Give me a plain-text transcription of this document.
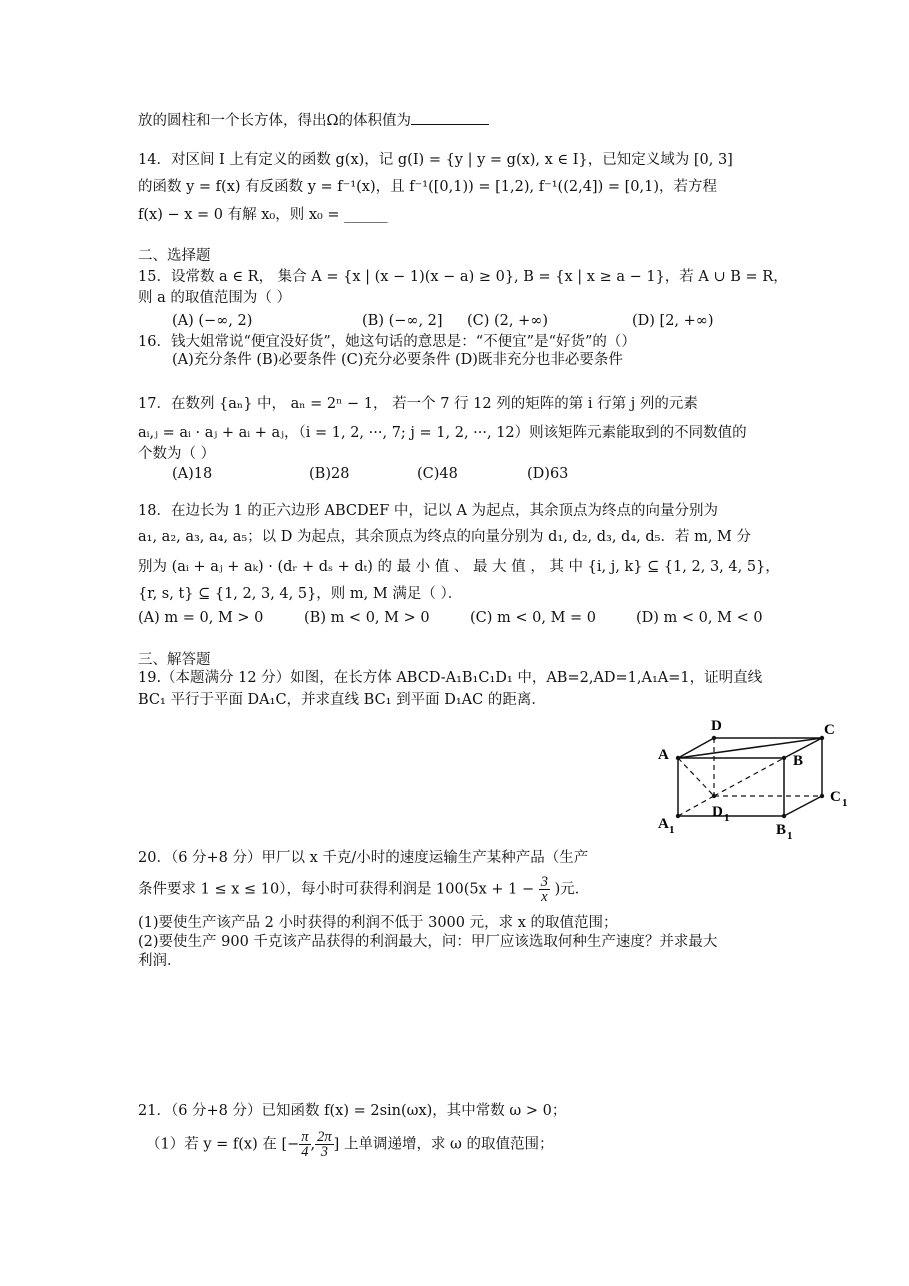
放的圆柱和一个长方体，得出Ω的体积值为
14．对区间 I 上有定义的函数 g(x)，记 g(I) = {y | y = g(x), x ∈ I}，已知定义域为 [0, 3]
的函数 y = f(x) 有反函数 y = f⁻¹(x)，且 f⁻¹([0,1)) = [1,2), f⁻¹((2,4]) = [0,1)，若方程
f(x) − x = 0 有解 x₀，则 x₀ = ______
二、选择题
15．设常数 a ∈ R， 集合 A = {x | (x − 1)(x − a) ≥ 0}, B = {x | x ≥ a − 1}，若 A ∪ B = R，
则 a 的取值范围为（ ）
(A) (−∞, 2)	(B) (−∞, 2] (C) (2, +∞)	(D) [2, +∞)
16．钱大姐常说“便宜没好货”，她这句话的意思是：“不便宜”是“好货”的（）
(A)充分条件 (B)必要条件 (C)充分必要条件 (D)既非充分也非必要条件
17．在数列 {aₙ} 中， aₙ = 2ⁿ − 1， 若一个 7 行 12 列的矩阵的第 i 行第 j 列的元素
aᵢ,ⱼ = aᵢ · aⱼ + aᵢ + aⱼ，（i = 1, 2, ···, 7; j = 1, 2, ···, 12）则该矩阵元素能取到的不同数值的
个数为（ ）
(A)18	(B)28	(C)48	(D)63
18．在边长为 1 的正六边形 ABCDEF 中，记以 A 为起点，其余顶点为终点的向量分别为
a₁, a₂, a₃, a₄, a₅；以 D 为起点，其余顶点为终点的向量分别为 d₁, d₂, d₃, d₄, d₅．若 m, M 分
别为 (aᵢ + aⱼ + aₖ) · (dᵣ + dₛ + dₜ) 的 最 小 值 、 最 大 值 ， 其 中 {i, j, k} ⊆ {1, 2, 3, 4, 5}，
{r, s, t} ⊆ {1, 2, 3, 4, 5}，则 m, M 满足（ ）．
(A) m = 0, M > 0	(B) m < 0, M > 0	(C) m < 0, M = 0	(D) m < 0, M < 0
三、解答题
19.（本题满分 12 分）如图，在长方体 ABCD-A₁B₁C₁D₁ 中，AB=2,AD=1,A₁A=1，证明直线
BC₁ 平行于平面 DA₁C，并求直线 BC₁ 到平面 D₁AC 的距离．
D	C
A	B
C 1
D 1
A 1	B 1
20．（6 分+8 分）甲厂以 x 千克/小时的速度运输生产某种产品（生产
条件要求 1 ≤ x ≤ 10），每小时可获得利润是 $100(5x + 1 - \frac{3}{x}$ )元．
(1)要使生产该产品 2 小时获得的利润不低于 3000 元，求 x 的取值范围；
(2)要使生产 900 千克该产品获得的利润最大，问：甲厂应该选取何种生产速度？并求最大
利润．
21．（6 分+8 分）已知函数 f(x) = 2sin(ωx)，其中常数 ω > 0；
（1）若 y = f(x) 在 [− $\frac{\pi}{4}$ , $\frac{2\pi}{3}$ ] 上单调递增，求 ω 的取值范围；
